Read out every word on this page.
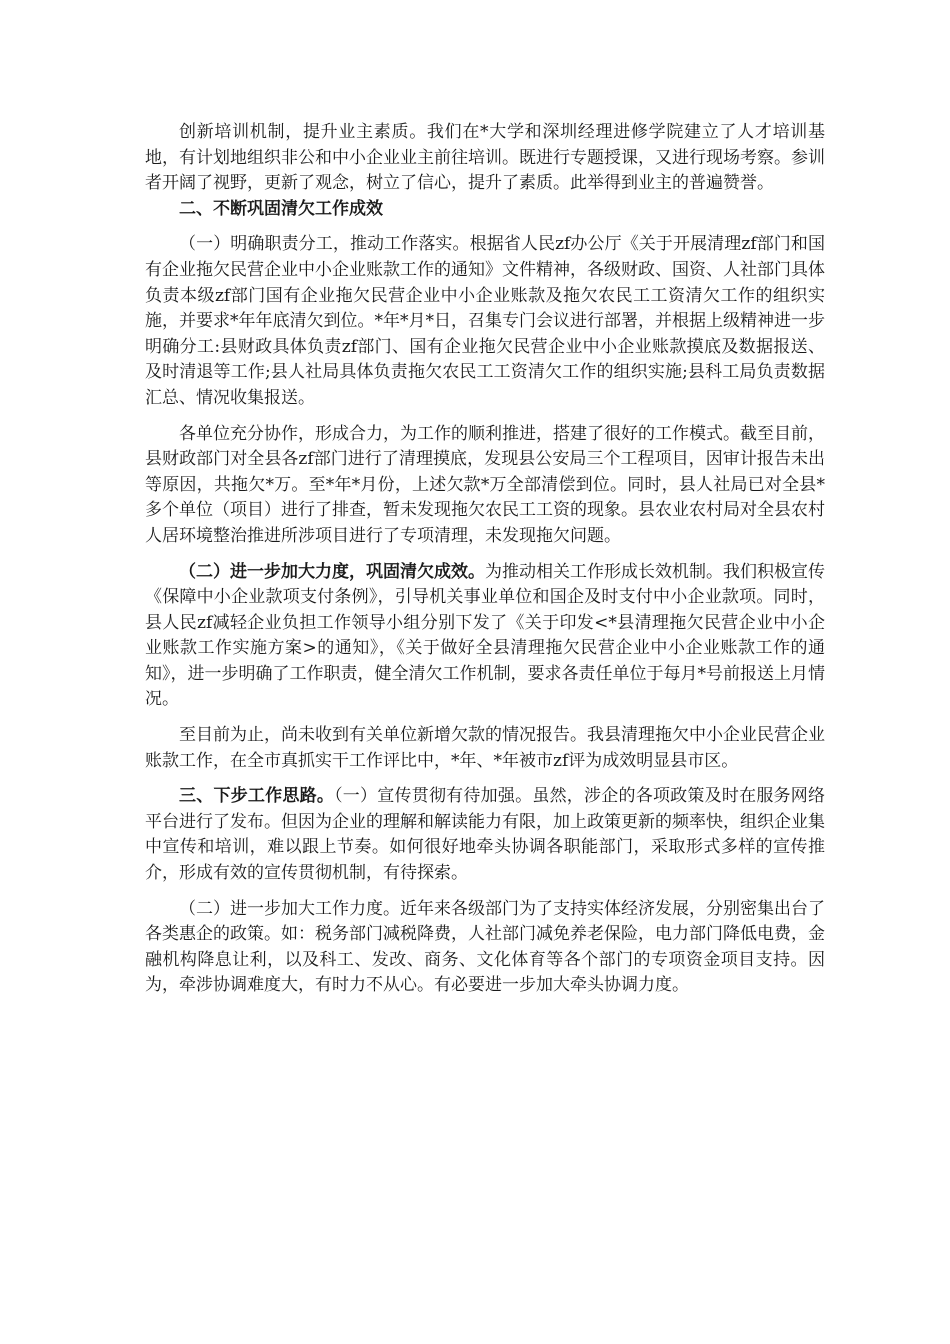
创新培训机制，提升业主素质。我们在*大学和深圳经理进修学院建立了人才培训基地，有计划地组织非公和中小企业业主前往培训。既进行专题授课，又进行现场考察。参训者开阔了视野，更新了观念，树立了信心，提升了素质。此举得到业主的普遍赞誉。

二、不断巩固清欠工作成效

（一）明确职责分工，推动工作落实。根据省人民zf办公厅《关于开展清理zf部门和国有企业拖欠民营企业中小企业账款工作的通知》文件精神，各级财政、国资、人社部门具体负责本级zf部门国有企业拖欠民营企业中小企业账款及拖欠农民工工资清欠工作的组织实施，并要求*年年底清欠到位。*年*月*日，召集专门会议进行部署，并根据上级精神进一步明确分工:县财政具体负责zf部门、国有企业拖欠民营企业中小企业账款摸底及数据报送、及时清退等工作;县人社局具体负责拖欠农民工工资清欠工作的组织实施;县科工局负责数据汇总、情况收集报送。

各单位充分协作，形成合力，为工作的顺利推进，搭建了很好的工作模式。截至目前，县财政部门对全县各zf部门进行了清理摸底，发现县公安局三个工程项目，因审计报告未出等原因，共拖欠*万。至*年*月份，上述欠款*万全部清偿到位。同时，县人社局已对全县*多个单位（项目）进行了排查，暂未发现拖欠农民工工资的现象。县农业农村局对全县农村人居环境整治推进所涉项目进行了专项清理，未发现拖欠问题。

（二）进一步加大力度，巩固清欠成效。为推动相关工作形成长效机制。我们积极宣传《保障中小企业款项支付条例》，引导机关事业单位和国企及时支付中小企业款项。同时，县人民zf减轻企业负担工作领导小组分别下发了《关于印发<*县清理拖欠民营企业中小企业账款工作实施方案>的通知》，《关于做好全县清理拖欠民营企业中小企业账款工作的通知》，进一步明确了工作职责，健全清欠工作机制，要求各责任单位于每月*号前报送上月情况。

至目前为止，尚未收到有关单位新增欠款的情况报告。我县清理拖欠中小企业民营企业账款工作，在全市真抓实干工作评比中，*年、*年被市zf评为成效明显县市区。

三、下步工作思路。（一）宣传贯彻有待加强。虽然，涉企的各项政策及时在服务网络平台进行了发布。但因为企业的理解和解读能力有限，加上政策更新的频率快，组织企业集中宣传和培训，难以跟上节奏。如何很好地牵头协调各职能部门，采取形式多样的宣传推介，形成有效的宣传贯彻机制，有待探索。

（二）进一步加大工作力度。近年来各级部门为了支持实体经济发展，分别密集出台了各类惠企的政策。如：税务部门减税降费，人社部门减免养老保险，电力部门降低电费，金融机构降息让利，以及科工、发改、商务、文化体育等各个部门的专项资金项目支持。因为，牵涉协调难度大，有时力不从心。有必要进一步加大牵头协调力度。
